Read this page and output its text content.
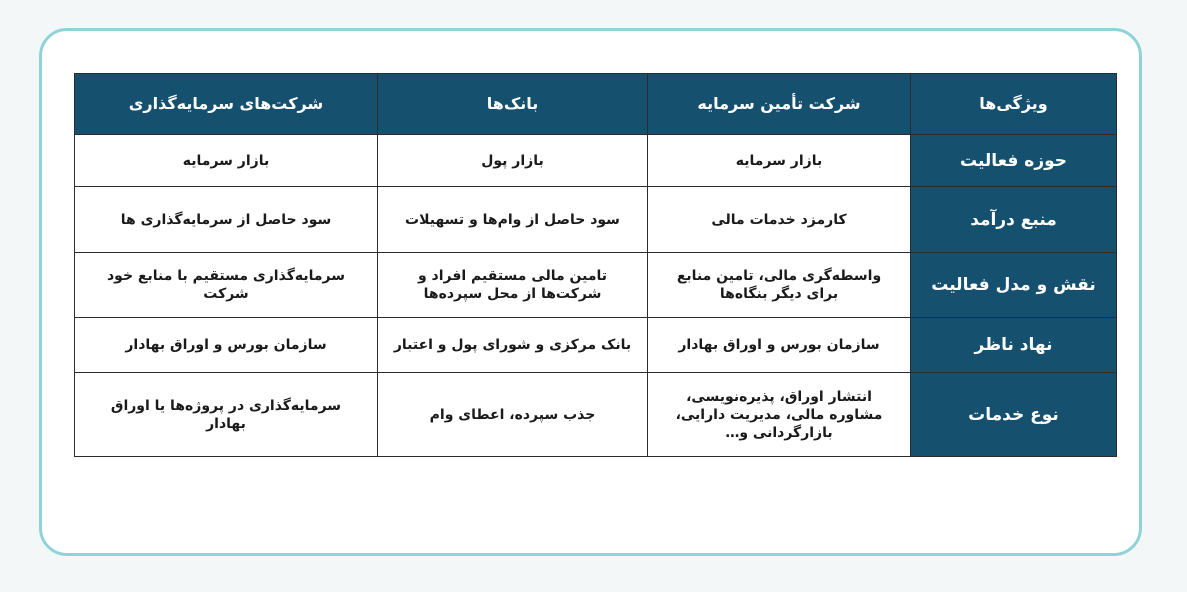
ویژگی‌ها	شرکت تأمین سرمایه	بانک‌ها	شرکت‌های سرمایه‌گذاری
حوزه فعالیت	بازار سرمایه	بازار پول	بازار سرمایه
منبع درآمد	کارمزد خدمات مالی	سود حاصل از وام‌ها و تسهیلات	سود حاصل از سرمایه‌گذاری ها
نقش و مدل فعالیت	واسطه‌گری مالی، تامین منابع برای دیگر بنگاه‌ها	تامین مالی مستقیم افراد و شرکت‌ها از محل سپرده‌ها	سرمایه‌گذاری مستقیم با منابع خود شرکت
نهاد ناظر	سازمان بورس و اوراق بهادار	بانک مرکزی و شورای پول و اعتبار	سازمان بورس و اوراق بهادار
نوع خدمات	انتشار اوراق، پذیره‌نویسی، مشاوره مالی، مدیریت دارایی، بازارگردانی و…	جذب سپرده، اعطای وام	سرمایه‌گذاری در پروژه‌ها یا اوراق بهادار
